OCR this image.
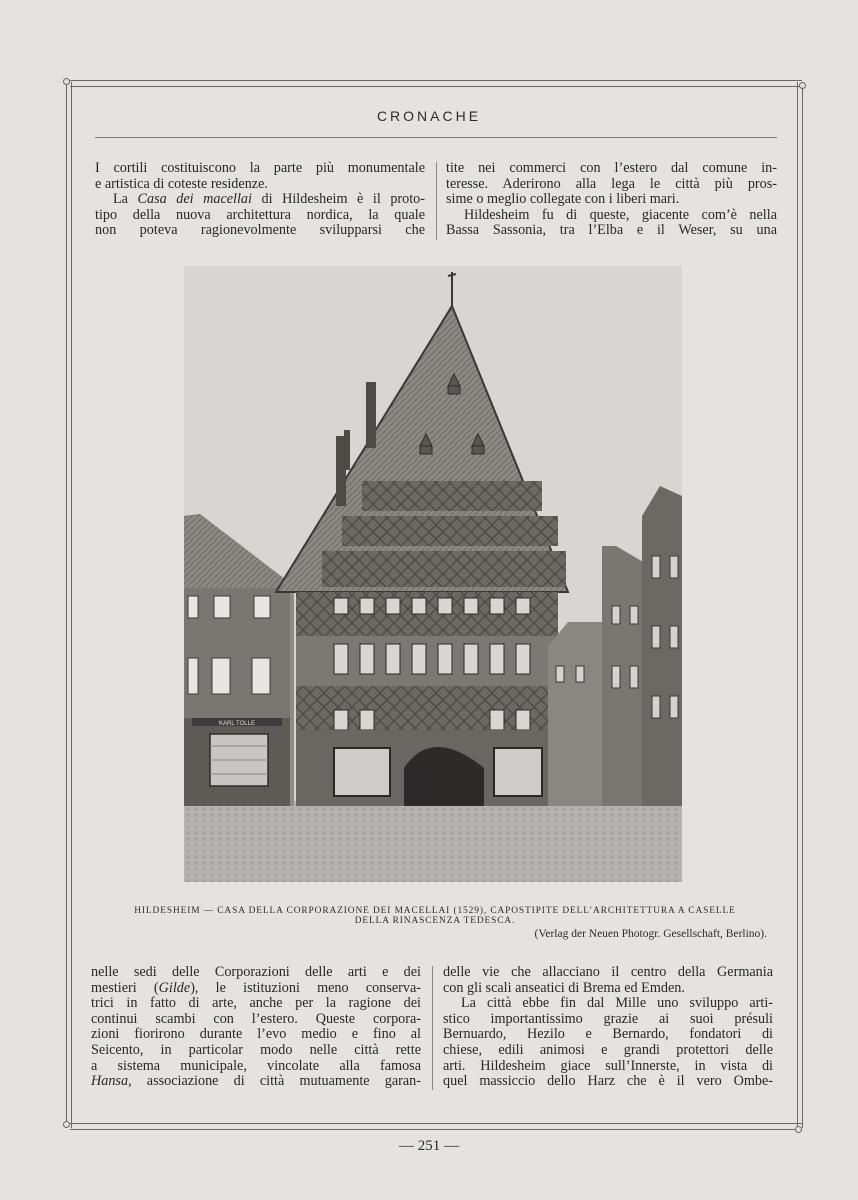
CRONACHE
I cortili costituiscono la parte più monumentale
e artistica di coteste residenze.
La Casa dei macellai di Hildesheim è il proto-
tipo della nuova architettura nordica, la quale
non poteva ragionevolmente svilupparsi che
tite nei commerci con l’estero dal comune in-
teresse. Aderirono alla lega le città più pros-
sime o meglio collegate con i liberi mari.
Hildesheim fu di queste, giacente com’è nella
Bassa Sassonia, tra l’Elba e il Weser, su una
KARL TOLLE
HILDESHEIM — CASA DELLA CORPORAZIONE DEI MACELLAI (1529), CAPOSTIPITE DELL’ARCHITETTURA A CASELLE
DELLA RINASCENZA TEDESCA.
(Verlag der Neuen Photogr. Gesellschaft, Berlino).
nelle sedi delle Corporazioni delle arti e dei
mestieri (Gilde), le istituzioni meno conserva-
trici in fatto di arte, anche per la ragione dei
continui scambi con l’estero. Queste corpora-
zioni fiorirono durante l’evo medio e fino al
Seicento, in particolar modo nelle città rette
a sistema municipale, vincolate alla famosa
Hansa, associazione di città mutuamente garan-
delle vie che allacciano il centro della Germania
con gli scali anseatici di Brema ed Emden.
La città ebbe fin dal Mille uno sviluppo arti-
stico importantissimo grazie ai suoi présuli
Bernuardo, Hezilo e Bernardo, fondatori di
chiese, edili animosi e grandi protettori delle
arti. Hildesheim giace sull’Innerste, in vista di
quel massiccio dello Harz che è il vero Ombe-
— 251 —
